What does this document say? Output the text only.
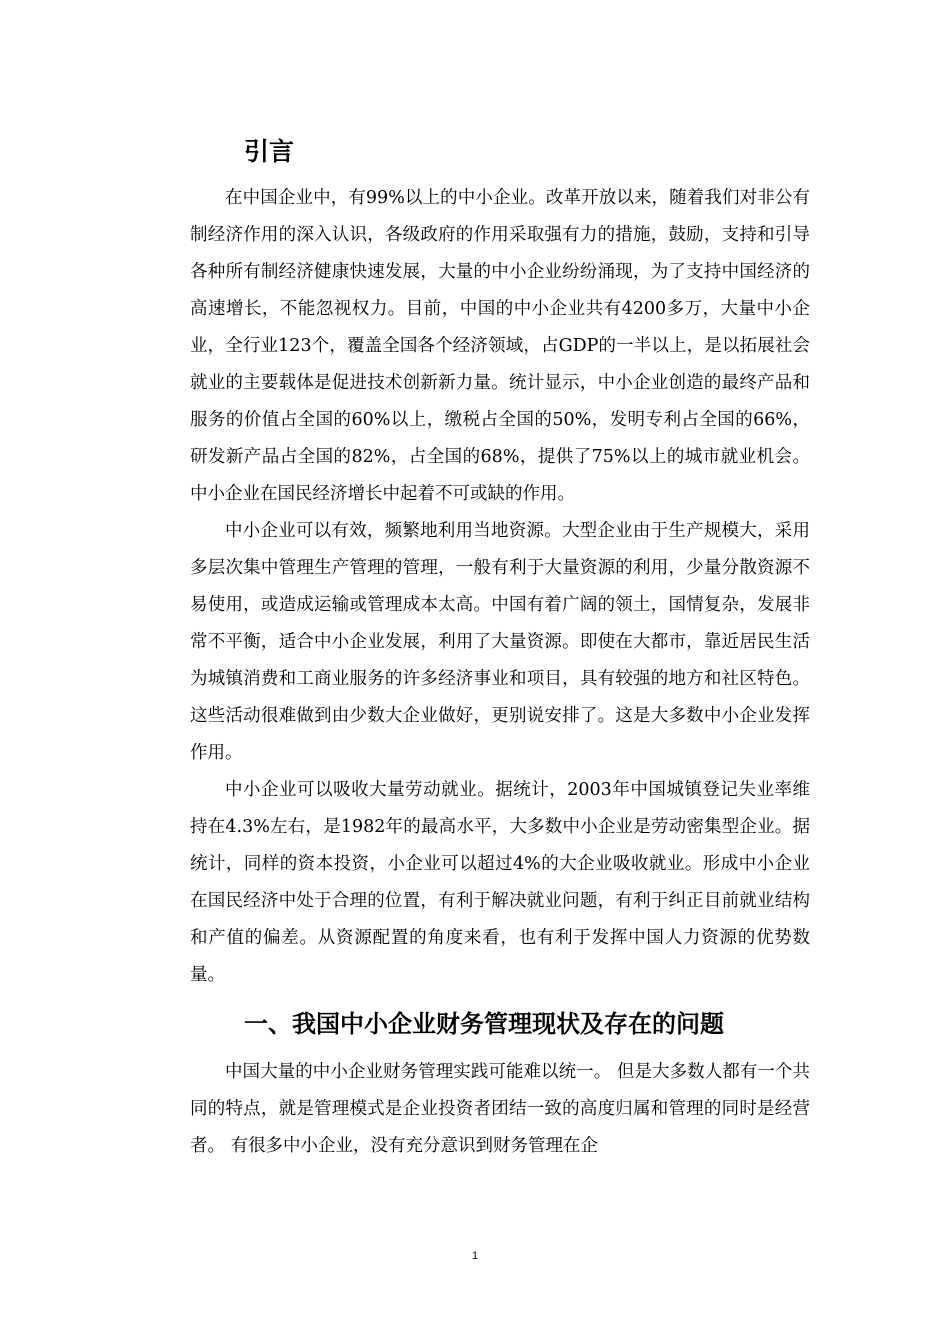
引言

在中国企业中，有99%以上的中小企业。改革开放以来，随着我们对非公有制经济作用的深入认识，各级政府的作用采取强有力的措施，鼓励，支持和引导各种所有制经济健康快速发展，大量的中小企业纷纷涌现，为了支持中国经济的高速增长，不能忽视权力。目前，中国的中小企业共有4200多万，大量中小企业，全行业123个，覆盖全国各个经济领域，占GDP的一半以上，是以拓展社会就业的主要载体是促进技术创新新力量。统计显示，中小企业创造的最终产品和服务的价值占全国的60%以上，缴税占全国的50%，发明专利占全国的66%，研发新产品占全国的82%，占全国的68%，提供了75%以上的城市就业机会。中小企业在国民经济增长中起着不可或缺的作用。

中小企业可以有效，频繁地利用当地资源。大型企业由于生产规模大，采用多层次集中管理生产管理的管理，一般有利于大量资源的利用，少量分散资源不易使用，或造成运输或管理成本太高。中国有着广阔的领土，国情复杂，发展非常不平衡，适合中小企业发展，利用了大量资源。即使在大都市，靠近居民生活为城镇消费和工商业服务的许多经济事业和项目，具有较强的地方和社区特色。这些活动很难做到由少数大企业做好，更别说安排了。这是大多数中小企业发挥作用。

中小企业可以吸收大量劳动就业。据统计，2003年中国城镇登记失业率维持在4.3%左右，是1982年的最高水平，大多数中小企业是劳动密集型企业。据统计，同样的资本投资，小企业可以超过4%的大企业吸收就业。形成中小企业在国民经济中处于合理的位置，有利于解决就业问题，有利于纠正目前就业结构和产值的偏差。从资源配置的角度来看，也有利于发挥中国人力资源的优势数量。

一、我国中小企业财务管理现状及存在的问题

中国大量的中小企业财务管理实践可能难以统一。 但是大多数人都有一个共同的特点，就是管理模式是企业投资者团结一致的高度归属和管理的同时是经营者。 有很多中小企业，没有充分意识到财务管理在企

1
